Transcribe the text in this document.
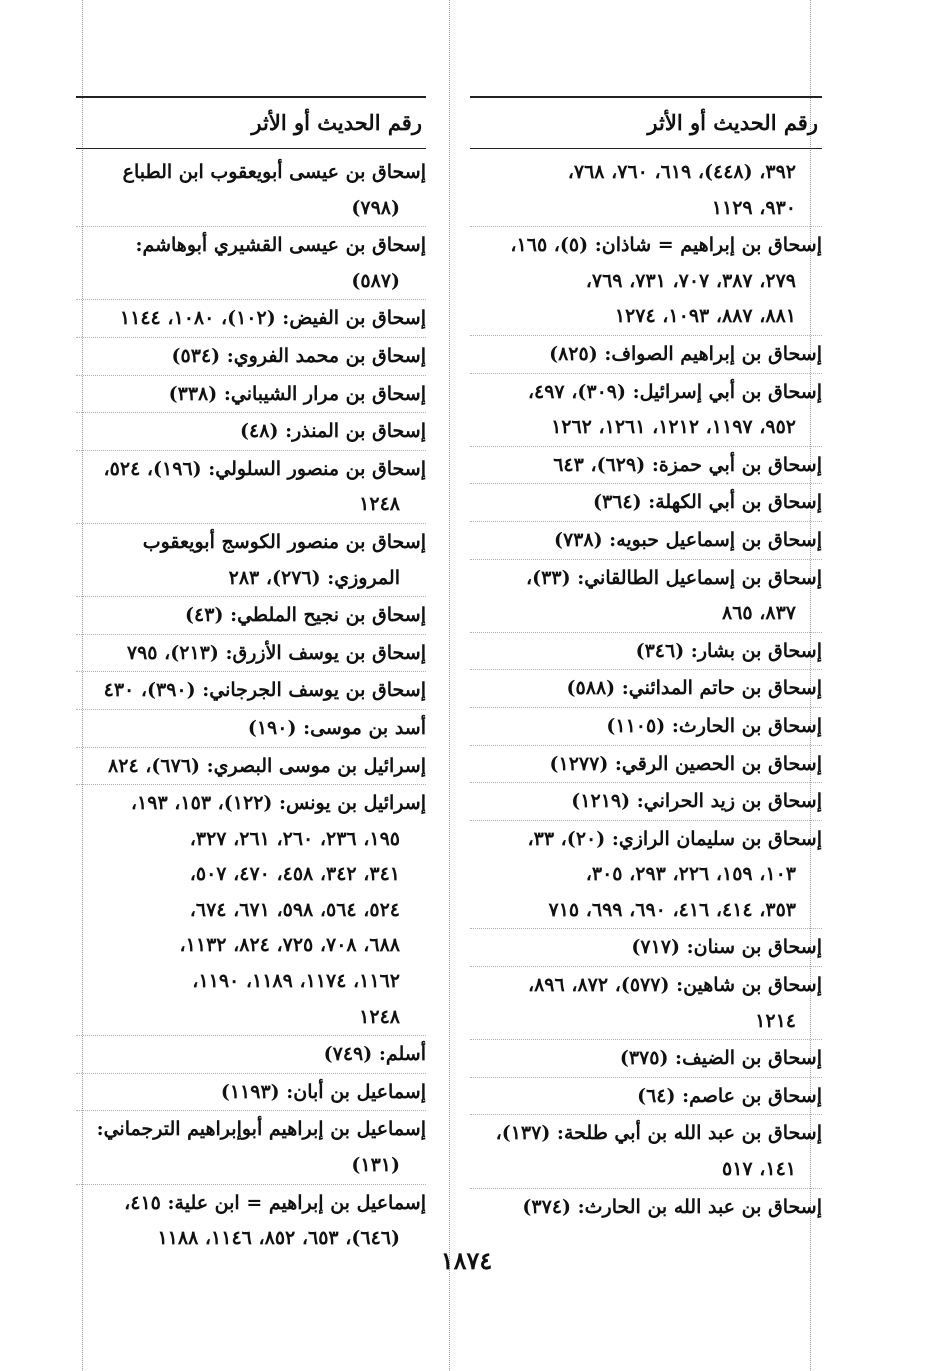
رقم الحديث أو الأثر
٣٩٢، (٤٤٨)، ٦١٩، ٧٦٠، ٧٦٨،
٩٣٠، ١١٢٩
إسحاق بن إبراهيم = شاذان: (٥)، ١٦٥،
٢٧٩، ٣٨٧، ٧٠٧، ٧٣١، ٧٦٩،
٨٨١، ٨٨٧، ١٠٩٣، ١٢٧٤
إسحاق بن إبراهيم الصواف: (٨٢٥)
إسحاق بن أبي إسرائيل: (٣٠٩)، ٤٩٧،
٩٥٢، ١١٩٧، ١٢١٢، ١٢٦١، ١٢٦٢
إسحاق بن أبي حمزة: (٦٢٩)، ٦٤٣
إسحاق بن أبي الكهلة: (٣٦٤)
إسحاق بن إسماعيل حبويه: (٧٣٨)
إسحاق بن إسماعيل الطالقاني: (٣٣)،
٨٣٧، ٨٦٥
إسحاق بن بشار: (٣٤٦)
إسحاق بن حاتم المدائني: (٥٨٨)
إسحاق بن الحارث: (١١٠٥)
إسحاق بن الحصين الرقي: (١٢٧٧)
إسحاق بن زيد الحراني: (١٢١٩)
إسحاق بن سليمان الرازي: (٢٠)، ٣٣،
١٠٣، ١٥٩، ٢٢٦، ٢٩٣، ٣٠٥،
٣٥٣، ٤١٤، ٤١٦، ٦٩٠، ٦٩٩، ٧١٥
إسحاق بن سنان: (٧١٧)
إسحاق بن شاهين: (٥٧٧)، ٨٧٢، ٨٩٦،
١٢١٤
إسحاق بن الضيف: (٣٧٥)
إسحاق بن عاصم: (٦٤)
إسحاق بن عبد الله بن أبي طلحة: (١٣٧)،
١٤١، ٥١٧
إسحاق بن عبد الله بن الحارث: (٣٧٤)
رقم الحديث أو الأثر
إسحاق بن عيسى أبويعقوب ابن الطباع
(٧٩٨)
إسحاق بن عيسى القشيري أبوهاشم:
(٥٨٧)
إسحاق بن الفيض: (١٠٢)، ١٠٨٠، ١١٤٤
إسحاق بن محمد الفروي: (٥٣٤)
إسحاق بن مرار الشيباني: (٣٣٨)
إسحاق بن المنذر: (٤٨)
إسحاق بن منصور السلولي: (١٩٦)، ٥٢٤،
١٢٤٨
إسحاق بن منصور الكوسج أبويعقوب
المروزي: (٢٧٦)، ٢٨٣
إسحاق بن نجيح الملطي: (٤٣)
إسحاق بن يوسف الأزرق: (٢١٣)، ٧٩٥
إسحاق بن يوسف الجرجاني: (٣٩٠)، ٤٣٠
أسد بن موسى: (١٩٠)
إسرائيل بن موسى البصري: (٦٧٦)، ٨٢٤
إسرائيل بن يونس: (١٢٢)، ١٥٣، ١٩٣،
١٩٥، ٢٣٦، ٢٦٠، ٢٦١، ٣٢٧،
٣٤١، ٣٤٢، ٤٥٨، ٤٧٠، ٥٠٧،
٥٢٤، ٥٦٤، ٥٩٨، ٦٧١، ٦٧٤،
٦٨٨، ٧٠٨، ٧٢٥، ٨٢٤، ١١٣٢،
١١٦٢، ١١٧٤، ١١٨٩، ١١٩٠،
١٢٤٨
أسلم: (٧٤٩)
إسماعيل بن أبان: (١١٩٣)
إسماعيل بن إبراهيم أبوإبراهيم الترجماني:
(١٣١)
إسماعيل بن إبراهيم = ابن علية: ٤١٥،
(٦٤٦)، ٦٥٣، ٨٥٢، ١١٤٦، ١١٨٨
١٨٧٤
